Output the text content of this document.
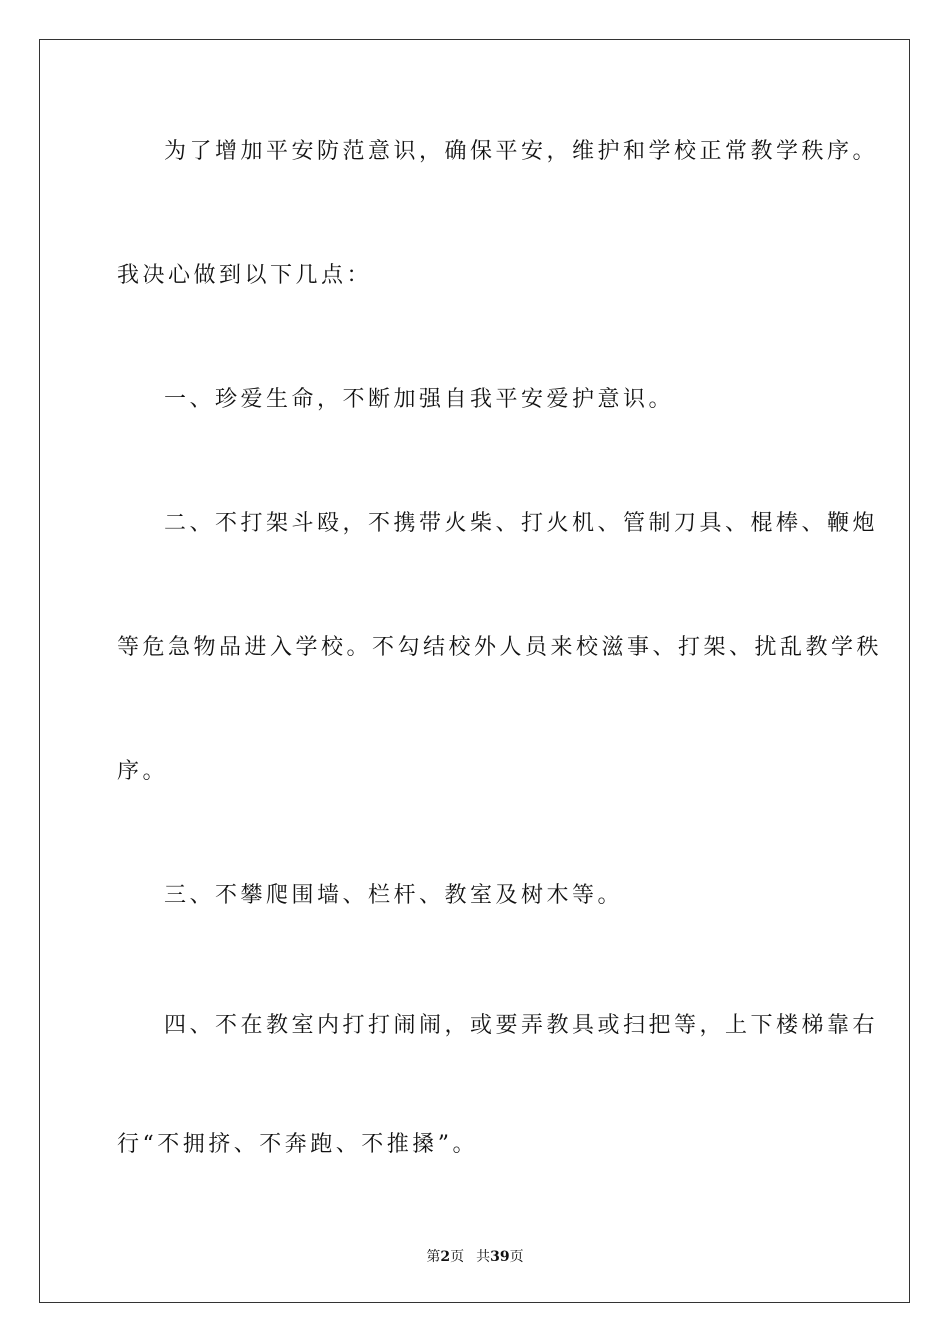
为了增加平安防范意识，确保平安，维护和学校正常教学秩序。
我决心做到以下几点：
一、珍爱生命，不断加强自我平安爱护意识。
二、不打架斗殴，不携带火柴、打火机、管制刀具、棍棒、鞭炮
等危急物品进入学校。不勾结校外人员来校滋事、打架、扰乱教学秩
序。
三、不攀爬围墙、栏杆、教室及树木等。
四、不在教室内打打闹闹，或要弄教具或扫把等，上下楼梯靠右
行“不拥挤、不奔跑、不推搡”。
第2页 共39页
